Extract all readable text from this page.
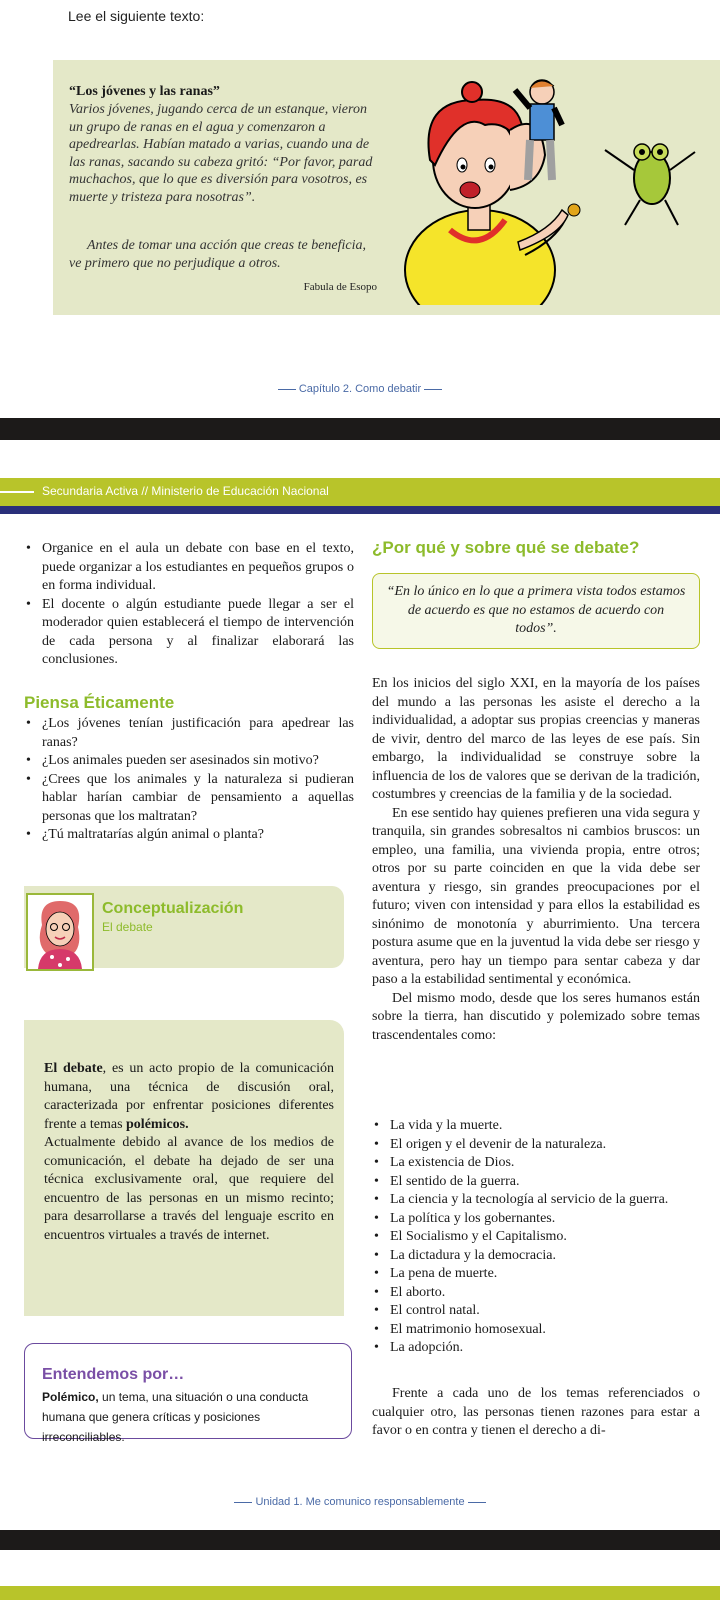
Lee el siguiente texto:
“Los jóvenes y las ranas”
Varios jóvenes, jugando cerca de un estanque, vieron un grupo de ranas en el agua y comenzaron a apedrearlas. Habían matado a varias, cuando una de las ranas, sacando su cabeza gritó: “Por favor, parad muchachos, que lo que es diversión para vosotros, es muerte y tristeza para nosotras”.
Antes de tomar una acción que creas te beneficia, ve primero que no perjudique a otros.
Fabula de Esopo
Capítulo 2. Como debatir
Secundaria Activa // Ministerio de Educación Nacional
• Organice en el aula un debate con base en el texto, puede organizar a los estudiantes en pequeños grupos o en forma individual.
• El docente o algún estudiante puede llegar a ser el moderador quien establecerá el tiempo de intervención de cada persona y al finalizar elaborará las conclusiones.
Piensa Éticamente
• ¿Los jóvenes tenían justificación para apedrear las ranas?
• ¿Los animales pueden ser asesinados sin motivo?
• ¿Crees que los animales y la naturaleza si pudieran hablar harían cambiar de pensamiento a aquellas personas que los maltratan?
• ¿Tú maltratarías algún animal o planta?
Conceptualización
El debate
El debate, es un acto propio de la comunicación humana, una técnica de discusión oral, caracterizada por enfrentar posiciones diferentes frente a temas polémicos.
Actualmente debido al avance de los medios de comunicación, el debate ha dejado de ser una técnica exclusivamente oral, que requiere del encuentro de las personas en un mismo recinto; para desarrollarse a través del lenguaje escrito en encuentros virtuales a través de internet.
Entendemos por…
Polémico, un tema, una situación o una conducta humana que genera críticas y posiciones irreconciliables.
¿Por qué y sobre qué se debate?
“En lo único en lo que a primera vista todos estamos de acuerdo es que no estamos de acuerdo con todos”.

En los inicios del siglo XXI, en la mayoría de los países del mundo a las personas les asiste el derecho a la individualidad, a adoptar sus propias creencias y maneras de vivir, dentro del marco de las leyes de ese país. Sin embargo, la individualidad se construye sobre la influencia de los de valores que se derivan de la tradición, costumbres y creencias de la familia y de la sociedad.

En ese sentido hay quienes prefieren una vida segura y tranquila, sin grandes sobresaltos ni cambios bruscos: un empleo, una familia, una vivienda propia, entre otros; otros por su parte coinciden en que la vida debe ser aventura y riesgo, sin grandes preocupaciones por el futuro; viven con intensidad y para ellos la estabilidad es sinónimo de monotonía y aburrimiento. Una tercera postura asume que en la juventud la vida debe ser riesgo y aventura, pero hay un tiempo para sentar cabeza y dar paso a la estabilidad sentimental y económica.

Del mismo modo, desde que los seres humanos están sobre la tierra, han discutido y polemizado sobre temas trascendentales como:

• La vida y la muerte.
• El origen y el devenir de la naturaleza.
• La existencia de Dios.
• El sentido de la guerra.
• La ciencia y la tecnología al servicio de la guerra.
• La política y los gobernantes.
• El Socialismo y el Capitalismo.
• La dictadura y la democracia.
• La pena de muerte.
• El aborto.
• El control natal.
• El matrimonio homosexual.
• La adopción.
Frente a cada uno de los temas referenciados o cualquier otro, las personas tienen razones para estar a favor o en contra y tienen el derecho a di-
Unidad 1. Me comunico responsablemente
